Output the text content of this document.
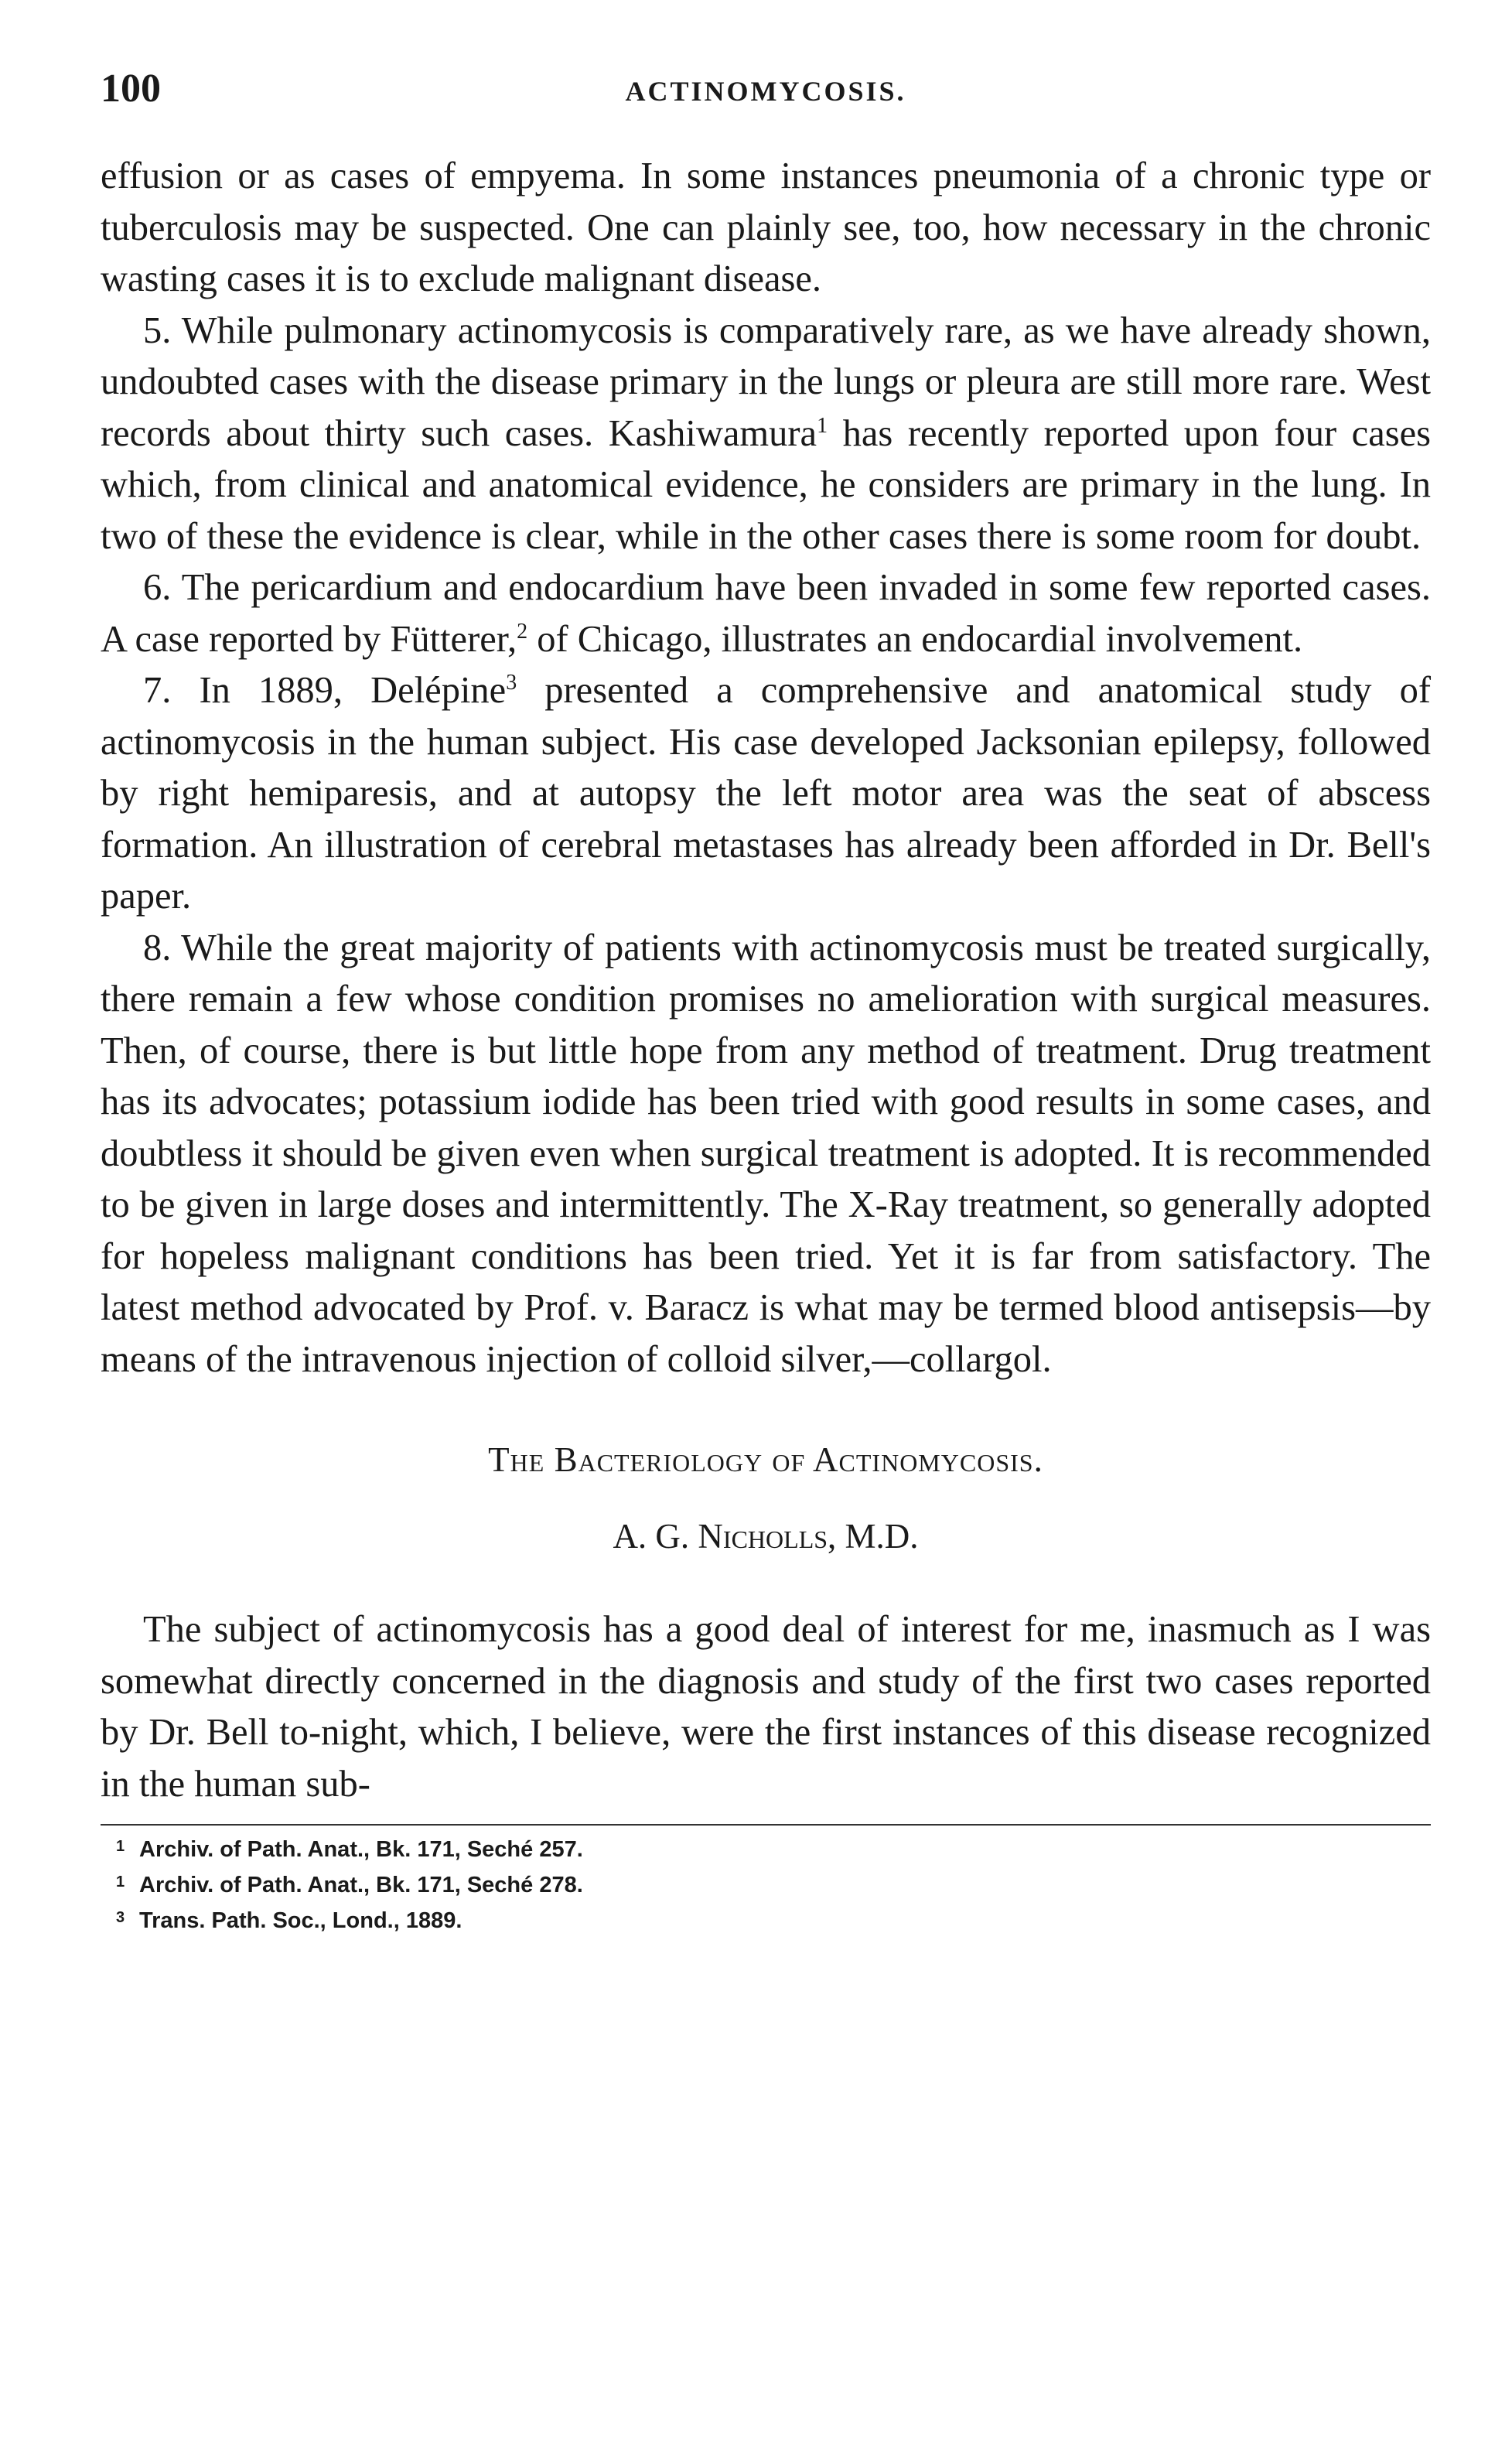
100	ACTINOMYCOSIS.

effusion or as cases of empyema. In some instances pneumonia of a chronic type or tuberculosis may be suspected. One can plainly see, too, how necessary in the chronic wasting cases it is to exclude malignant disease.

5. While pulmonary actinomycosis is comparatively rare, as we have already shown, undoubted cases with the disease primary in the lungs or pleura are still more rare. West records about thirty such cases. Kashiwamura$^1$ has recently reported upon four cases which, from clinical and anatomical evidence, he considers are primary in the lung. In two of these the evidence is clear, while in the other cases there is some room for doubt.

6. The pericardium and endocardium have been invaded in some few reported cases. A case reported by Fütterer,$^2$ of Chicago, illustrates an endocardial involvement.

7. In 1889, Delépine$^3$ presented a comprehensive and anatomical study of actinomycosis in the human subject. His case developed Jacksonian epilepsy, followed by right hemiparesis, and at autopsy the left motor area was the seat of abscess formation. An illustration of cerebral metastases has already been afforded in Dr. Bell's paper.

8. While the great majority of patients with actinomycosis must be treated surgically, there remain a few whose condition promises no amelioration with surgical measures. Then, of course, there is but little hope from any method of treatment. Drug treatment has its advocates; potassium iodide has been tried with good results in some cases, and doubtless it should be given even when surgical treatment is adopted. It is recommended to be given in large doses and intermittently. The X-Ray treatment, so generally adopted for hopeless malignant conditions has been tried. Yet it is far from satisfactory. The latest method advocated by Prof. v. Baracz is what may be termed blood antisepsis—by means of the intravenous injection of colloid silver,—collargol.

The Bacteriology of Actinomycosis.

A. G. Nicholls, M.D.

The subject of actinomycosis has a good deal of interest for me, inasmuch as I was somewhat directly concerned in the diagnosis and study of the first two cases reported by Dr. Bell to-night, which, I believe, were the first instances of this disease recognized in the human sub-

1 Archiv. of Path. Anat., Bk. 171, Seché 257.
1 Archiv. of Path. Anat., Bk. 171, Seché 278.
3 Trans. Path. Soc., Lond., 1889.
